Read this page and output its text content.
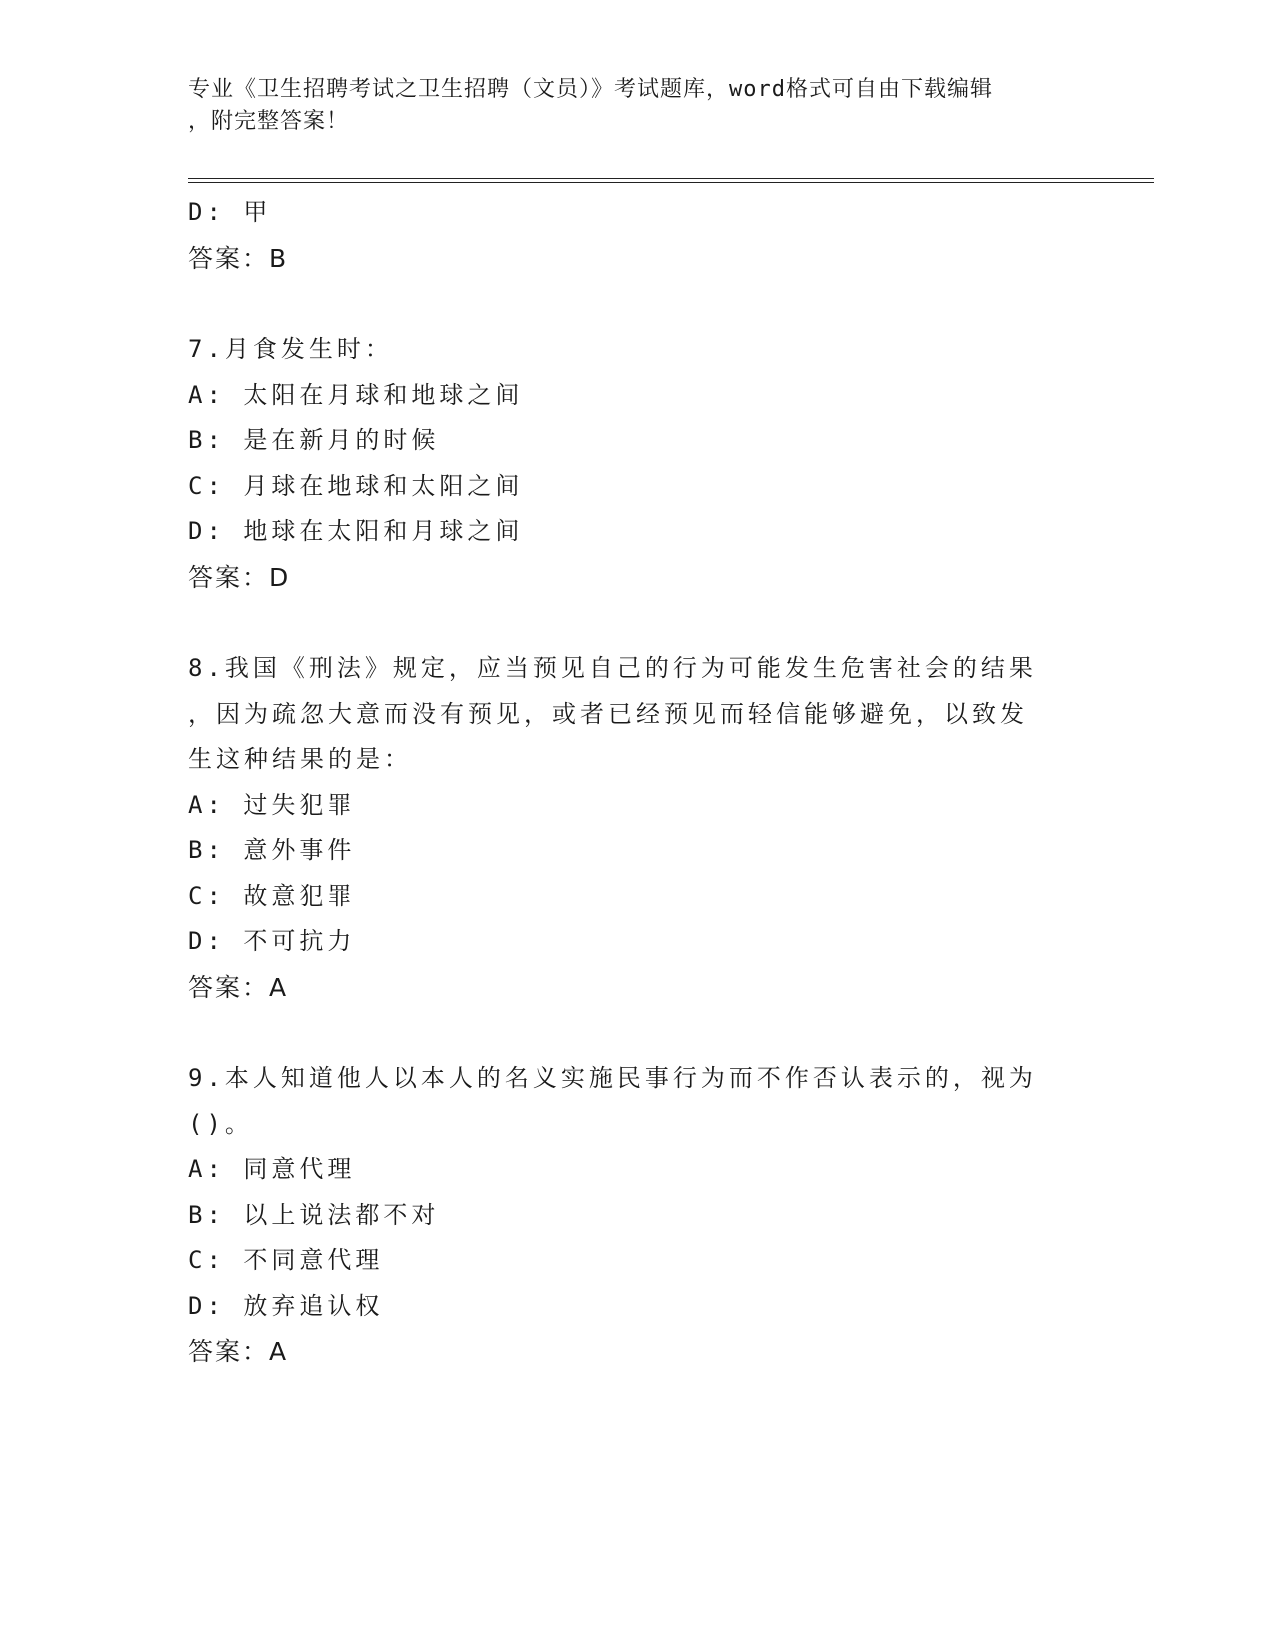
专业《卫生招聘考试之卫生招聘（文员）》考试题库，word格式可自由下载编辑
，附完整答案！
D: 甲
答案：B
7.月食发生时：
A: 太阳在月球和地球之间
B: 是在新月的时候
C: 月球在地球和太阳之间
D: 地球在太阳和月球之间
答案：D
8.我国《刑法》规定，应当预见自己的行为可能发生危害社会的结果
，因为疏忽大意而没有预见，或者已经预见而轻信能够避免，以致发
生这种结果的是：
A: 过失犯罪
B: 意外事件
C: 故意犯罪
D: 不可抗力
答案：A
9.本人知道他人以本人的名义实施民事行为而不作否认表示的，视为
()。
A: 同意代理
B: 以上说法都不对
C: 不同意代理
D: 放弃追认权
答案：A
